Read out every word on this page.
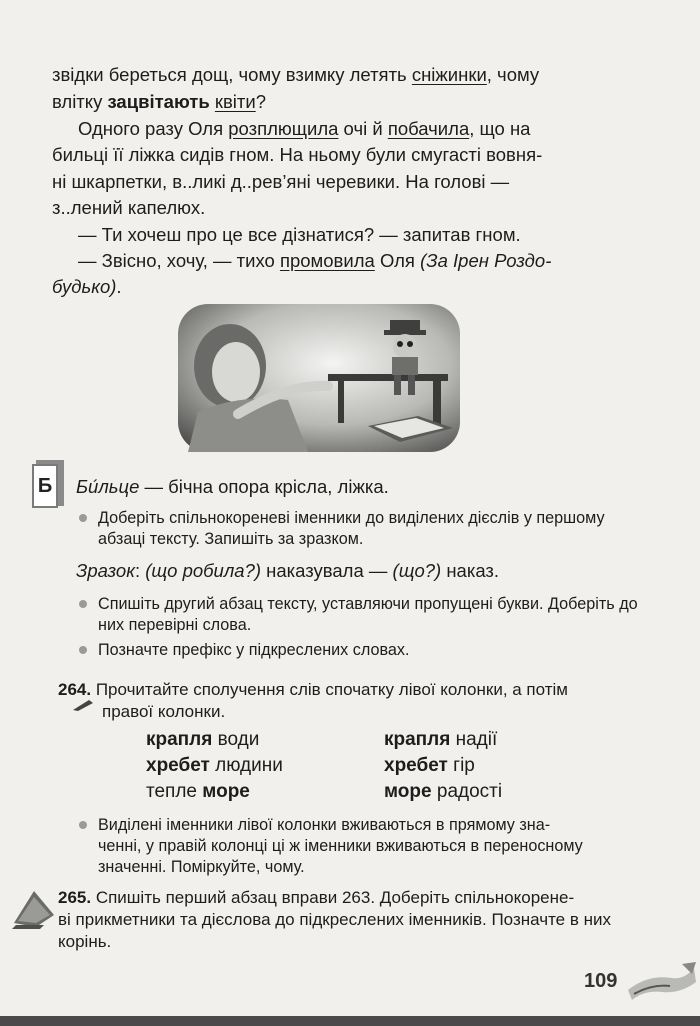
звідки береться дощ, чому взимку летять сніжинки, чому
влітку зацвітають квіти?

Одного разу Оля розплющила очі й побачила, що на

бильці її ліжка сидів гном. На ньому були смугасті вовня-
ні шкарпетки, в..ликі д..рев’яні черевики. На голові —
з..лений капелюх.

— Ти хочеш про це все дізнатися? — запитав гном.

— Звісно, хочу, — тихо промовила Оля (За Ірен Роздо-

будько).

Б	Би́льце — бічна опора крісла, ліжка.

Доберіть спільнокореневі іменники до виділених дієслів у першому абзаці тексту. Запишіть за зразком.

Зразок: (що робила?) наказувала — (що?) наказ.

Спишіть другий абзац тексту, уставляючи пропущені букви. Доберіть до них перевірні слова.

Позначте префікс у підкреслених словах.

264. Прочитайте сполучення слів спочатку лівої колонки, а потім
правої колонки.

крапля води
хребет людини
тепле море
крапля надії
хребет гір
море радості

Виділені іменники лівої колонки вживаються в прямому зна-
ченні, у правій колонці ці ж іменники вживаються в переносному значенні. Поміркуйте, чому.

265. Спишіть перший абзац вправи 263. Доберіть спільнокорене-
ві прикметники та дієслова до підкреслених іменників. Позначте в них корінь.

109
